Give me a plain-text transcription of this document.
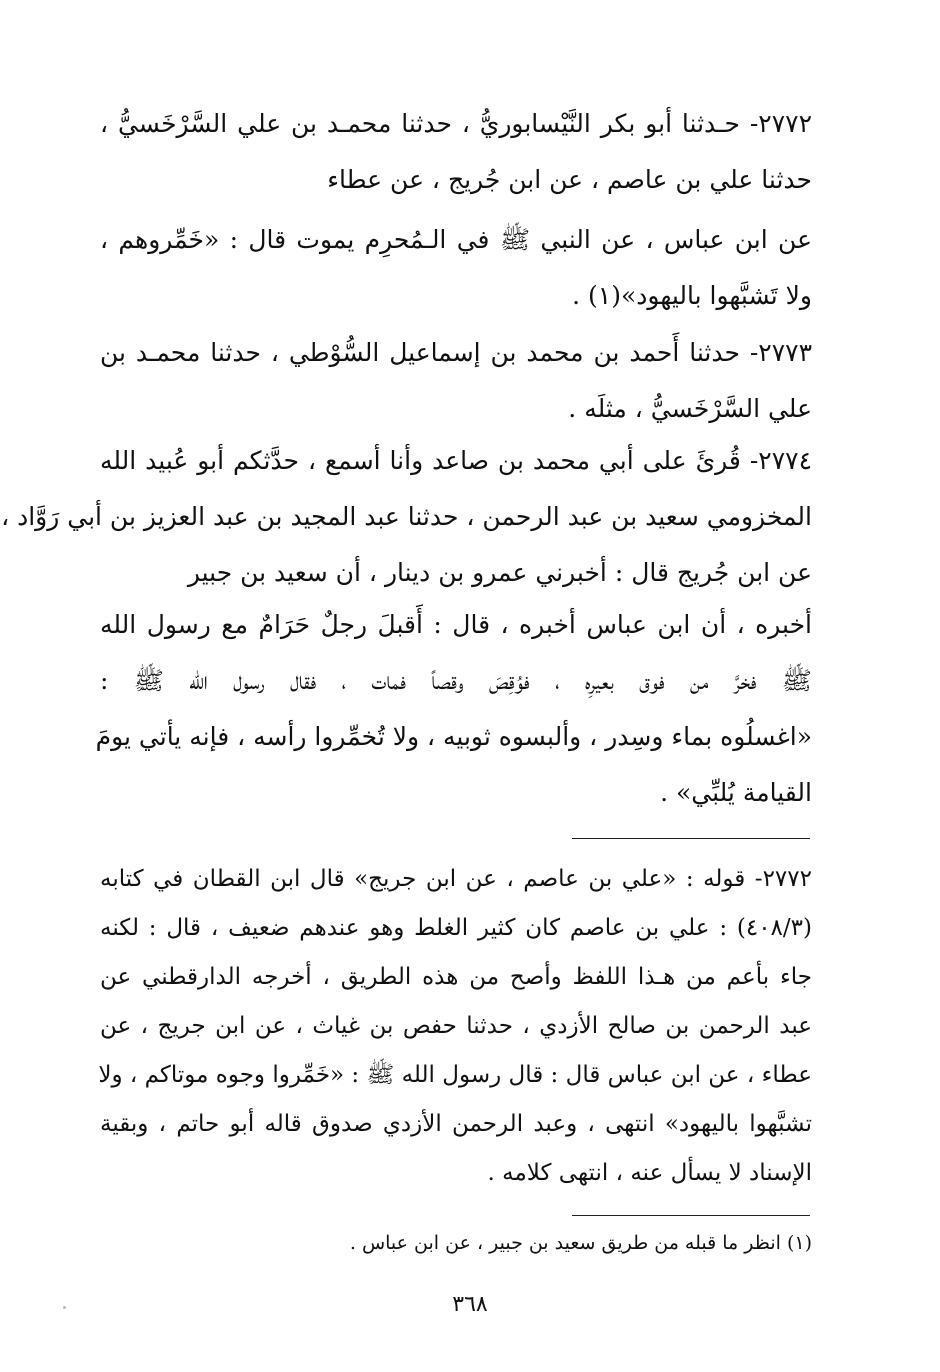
٢٧٧٢- حـدثنا أبو بكر النَّيْسابوريُّ ، حدثنا محمـد بن علي السَّرْخَسيُّ ،
حدثنا علي بن عاصم ، عن ابن جُريج ، عن عطاء
عن ابن عباس ، عن النبي ﷺ في الـمُحرِم يموت قال : «خَمِّروهم ،
ولا تَشبَّهوا باليهود»(١) .
٢٧٧٣- حدثنا أَحمد بن محمد بن إسماعيل السُّوْطي ، حدثنا محمـد بن
علي السَّرْخَسيُّ ، مثلَه .
٢٧٧٤- قُرئَ على أبي محمد بن صاعد وأنا أسمع ، حدَّثكم أبو عُبيد الله
المخزومي سعيد بن عبد الرحمن ، حدثنا عبد المجيد بن عبد العزيز بن أبي رَوَّاد ،
عن ابن جُريج قال : أخبرني عمرو بن دينار ، أن سعيد بن جبير
أخبره ، أن ابن عباس أخبره ، قال : أَقبلَ رجلٌ حَرَامٌ مع رسول الله
ﷺ فخرَّ من فوق بعيرِه ، فوُقِصَ وقصاً فمات ، فقال رسول الله ﷺ :
«اغسلُوه بماء وسِدر ، وألبسوه ثوبيه ، ولا تُخمِّروا رأسه ، فإنه يأتي يومَ
القيامة يُلبِّي» .
٢٧٧٢- قوله : «علي بن عاصم ، عن ابن جريج» قال ابن القطان في كتابه
(٤٠٨/٣) : علي بن عاصم كان كثير الغلط وهو عندهم ضعيف ، قال : لكنه
جاء بأعم من هـذا اللفظ وأصح من هذه الطريق ، أخرجه الدارقطني عن
عبد الرحمن بن صالح الأزدي ، حدثنا حفص بن غياث ، عن ابن جريج ، عن
عطاء ، عن ابن عباس قال : قال رسول الله ﷺ : «خَمِّروا وجوه موتاكم ، ولا
تشبَّهوا باليهود» انتهى ، وعبد الرحمن الأزدي صدوق قاله أبو حاتم ، وبقية
الإسناد لا يسأل عنه ، انتهى كلامه .
(١) انظر ما قبله من طريق سعيد بن جبير ، عن ابن عباس .
٣٦٨
